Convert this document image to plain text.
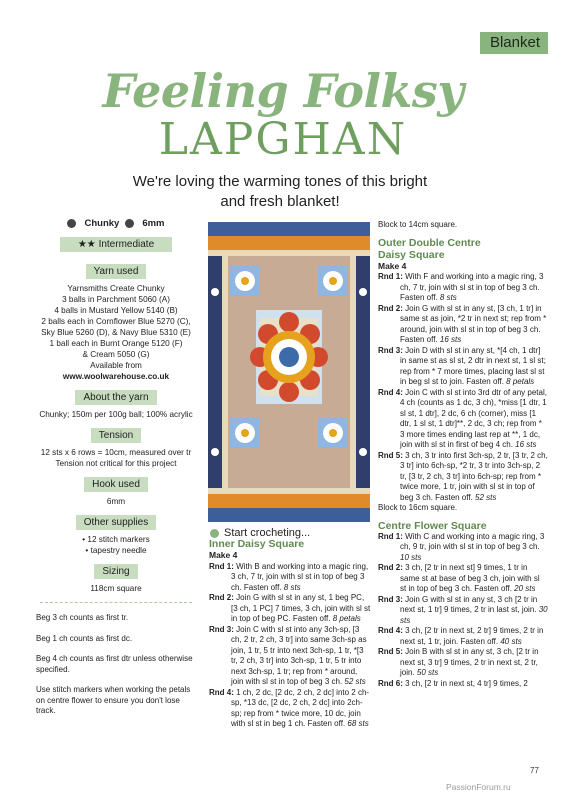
Blanket
Feeling Folksy
LAPGHAN
We're loving the warming tones of this bright and fresh blanket!
Chunky 6mm
★★ Intermediate
Yarn used

Yarnsmiths Create Chunky

3 balls in Parchment 5060 (A)

4 balls in Mustard Yellow 5140 (B)

2 balls each in Cornflower Blue 5270 (C),

Sky Blue 5260 (D), & Navy Blue 5310 (E)

1 ball each in Burnt Orange 5120 (F)

& Cream 5050 (G)

Available from

www.woolwarehouse.co.uk

About the yarn

Chunky; 150m per 100g ball; 100% acrylic

Tension

12 sts x 6 rows = 10cm, measured over tr

Tension not critical for this project

Hook used

6mm

Other supplies

• 12 stitch markers

• tapestry needle

Sizing

118cm square

Beg 3 ch counts as first tr.

Beg 1 ch counts as first dc.

Beg 4 ch counts as first dtr unless otherwise specified.

Use stitch markers when working the petals on centre flower to ensure you don't lose track.

Start crocheting...
Inner Daisy Square
Make 4

Rnd 1: With B and working into a magic ring, 3 ch, 7 tr, join with sl st in top of beg 3 ch. Fasten off. 8 sts

Rnd 2: Join G with sl st in any st, 1 beg PC, [3 ch, 1 PC] 7 times, 3 ch, join with sl st in top of beg PC. Fasten off. 8 petals

Rnd 3: Join C with sl st into any 3ch-sp, [3 ch, 2 tr, 2 ch, 3 tr] into same 3ch-sp as join, 1 tr, 5 tr into next 3ch-sp, 1 tr, *[3 tr, 2 ch, 3 tr] into 3ch-sp, 1 tr, 5 tr into next 3ch-sp, 1 tr; rep from * around, join with sl st in top of beg 3 ch. 52 sts

Rnd 4: 1 ch, 2 dc, [2 dc, 2 ch, 2 dc] into 2 ch-sp, *13 dc, [2 dc, 2 ch, 2 dc] into 2ch-sp; rep from * twice more, 10 dc, join with sl st in beg 1 ch. Fasten off. 68 sts

Block to 14cm square.

Outer Double Centre
Daisy Square
Make 4

Rnd 1: With F and working into a magic ring, 3 ch, 7 tr, join with sl st in top of beg 3 ch. Fasten off. 8 sts

Rnd 2: Join G with sl st in any st, [3 ch, 1 tr] in same st as join, *2 tr in next st; rep from * around, join with sl st in top of beg 3 ch. Fasten off. 16 sts

Rnd 3: Join D with sl st in any st, *[4 ch, 1 dtr] in same st as sl st, 2 dtr in next st, 1 sl st; rep from * 7 more times, placing last sl st in beg sl st to join. Fasten off. 8 petals

Rnd 4: Join C with sl st into 3rd dtr of any petal, 4 ch (counts as 1 dc, 3 ch), *miss [1 dtr, 1 sl st, 1 dtr], 2 dc, 6 ch (corner), miss [1 dtr, 1 sl st, 1 dtr]**, 2 dc, 3 ch; rep from * 3 more times ending last rep at **, 1 dc, join with sl st in first of beg 4 ch. 16 sts

Rnd 5: 3 ch, 3 tr into first 3ch-sp, 2 tr, [3 tr, 2 ch, 3 tr] into 6ch-sp, *2 tr, 3 tr into 3ch-sp, 2 tr, [3 tr, 2 ch, 3 tr] into 6ch-sp; rep from * twice more, 1 tr, join with sl st in top of beg 3 ch. Fasten off. 52 sts

Block to 16cm square.

Centre Flower Square

Rnd 1: With C and working into a magic ring, 3 ch, 9 tr, join with sl st in top of beg 3 ch. 10 sts

Rnd 2: 3 ch, [2 tr in next st] 9 times, 1 tr in same st at base of beg 3 ch, join with sl st in top of beg 3 ch. Fasten off. 20 sts

Rnd 3: Join G with sl st in any st, 3 ch [2 tr in next st, 1 tr] 9 times, 2 tr in last st, join. 30 sts

Rnd 4: 3 ch, [2 tr in next st, 2 tr] 9 times, 2 tr in next st, 1 tr, join. Fasten off. 40 sts

Rnd 5: Join B with sl st in any st, 3 ch, [2 tr in next st, 3 tr] 9 times, 2 tr in next st, 2 tr, join. 50 sts

Rnd 6: 3 ch, [2 tr in next st, 4 tr] 9 times, 2

77
PassionForum.ru
